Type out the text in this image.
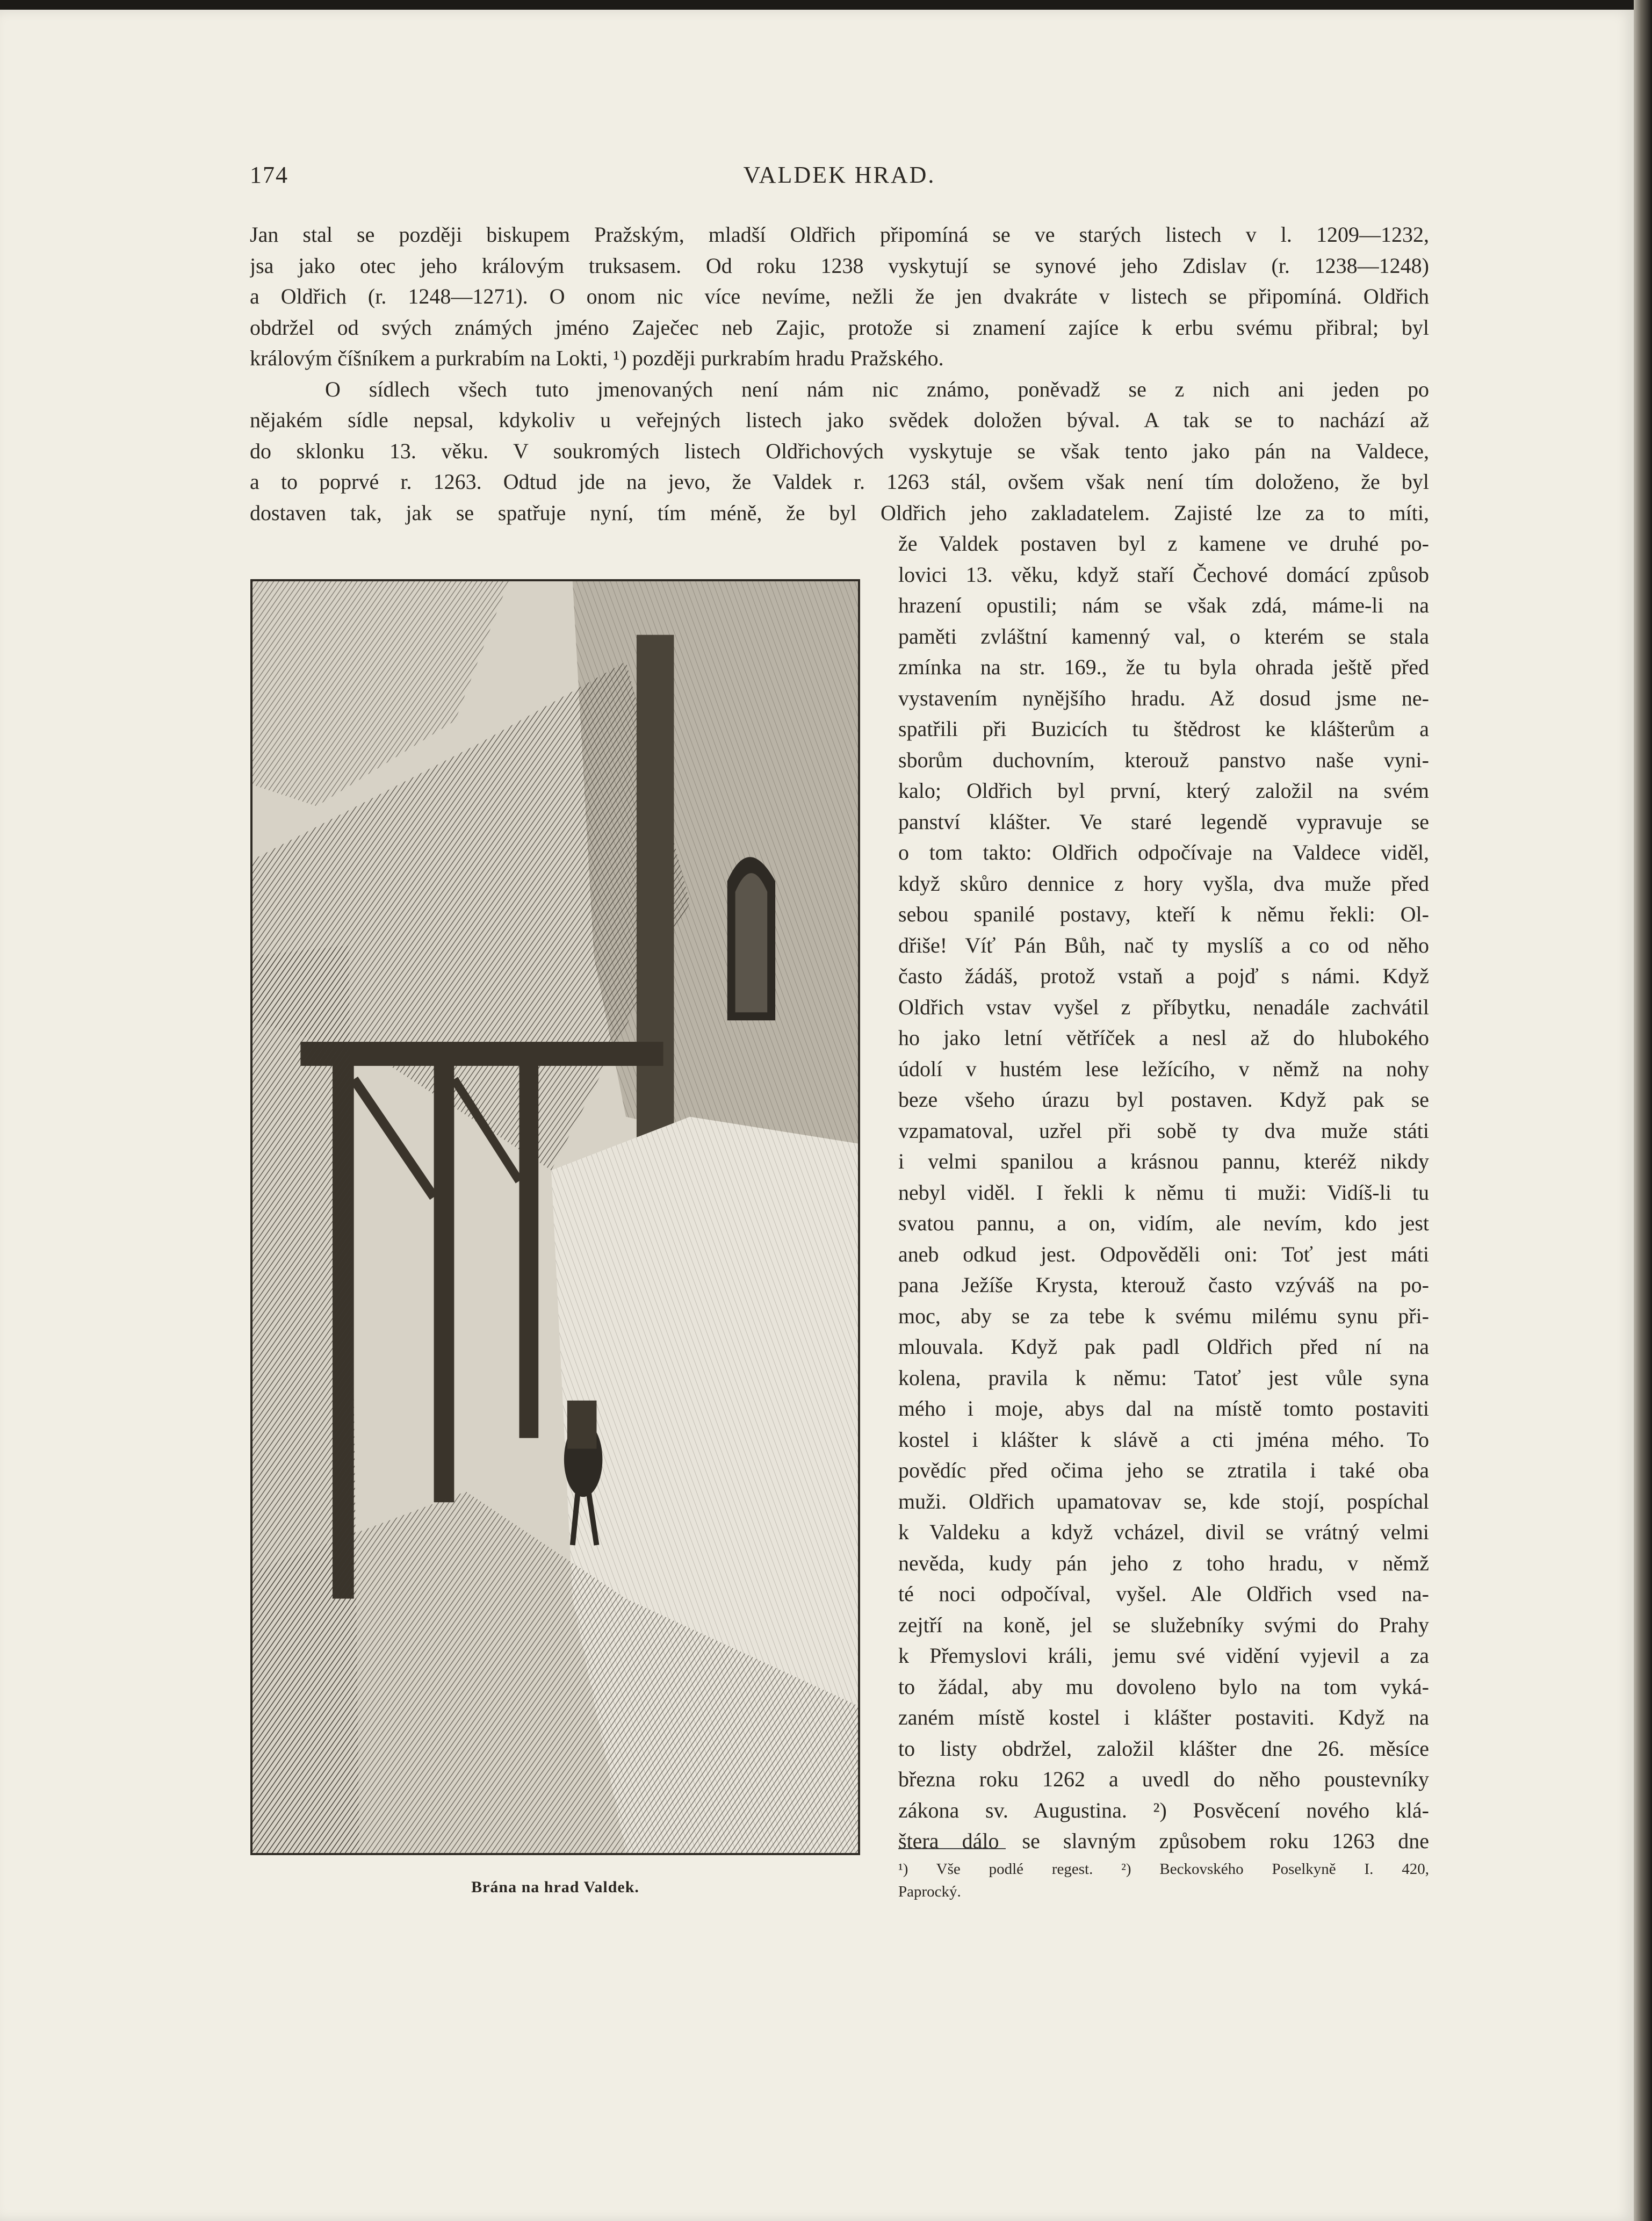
174	VALDEK HRAD.
Jan stal se později biskupem Pražským, mladší Oldřich připomíná se ve starých listech v l. 1209—1232,
jsa jako otec jeho královým truksasem. Od roku 1238 vyskytují se synové jeho Zdislav (r. 1238—1248)
a Oldřich (r. 1248—1271). O onom nic více nevíme, nežli že jen dvakráte v listech se připomíná. Oldřich
obdržel od svých známých jméno Zaječec neb Zajic, protože si znamení zajíce k erbu svému přibral; byl
královým číšníkem a purkrabím na Lokti, ¹) později purkrabím hradu Pražského.
O sídlech všech tuto jmenovaných není nám nic známo, poněvadž se z nich ani jeden po
nějakém sídle nepsal, kdykoliv u veřejných listech jako svědek doložen býval. A tak se to nachází až
do sklonku 13. věku. V soukromých listech Oldřichových vyskytuje se však tento jako pán na Valdece,
a to poprvé r. 1263. Odtud jde na jevo, že Valdek r. 1263 stál, ovšem však není tím doloženo, že byl
dostaven tak, jak se spatřuje nyní, tím méně, že byl Oldřich jeho zakladatelem. Zajisté lze za to míti,
Brána na hrad Valdek.
že Valdek postaven byl z kamene ve druhé po-
lovici 13. věku, když staří Čechové domácí způsob
hrazení opustili; nám se však zdá, máme-li na
paměti zvláštní kamenný val, o kterém se stala
zmínka na str. 169., že tu byla ohrada ještě před
vystavením nynějšího hradu. Až dosud jsme ne-
spatřili při Buzicích tu štědrost ke klášterům a
sborům duchovním, kterouž panstvo naše vyni-
kalo; Oldřich byl první, který založil na svém
panství klášter. Ve staré legendě vypravuje se
o tom takto: Oldřich odpočívaje na Valdece viděl,
když skůro dennice z hory vyšla, dva muže před
sebou spanilé postavy, kteří k němu řekli: Ol-
dřiše! Víť Pán Bůh, nač ty myslíš a co od něho
často žádáš, protož vstaň a pojď s námi. Když
Oldřich vstav vyšel z příbytku, nenadále zachvátil
ho jako letní větříček a nesl až do hlubokého
údolí v hustém lese ležícího, v němž na nohy
beze všeho úrazu byl postaven. Když pak se
vzpamatoval, uzřel při sobě ty dva muže státi
i velmi spanilou a krásnou pannu, kteréž nikdy
nebyl viděl. I řekli k němu ti muži: Vidíš-li tu
svatou pannu, a on, vidím, ale nevím, kdo jest
aneb odkud jest. Odpověděli oni: Toť jest máti
pana Ježíše Krysta, kterouž často vzýváš na po-
moc, aby se za tebe k svému milému synu při-
mlouvala. Když pak padl Oldřich před ní na
kolena, pravila k němu: Tatoť jest vůle syna
mého i moje, abys dal na místě tomto postaviti
kostel i klášter k slávě a cti jména mého. To
povědíc před očima jeho se ztratila i také oba
muži. Oldřich upamatovav se, kde stojí, pospíchal
k Valdeku a když vcházel, divil se vrátný velmi
nevěda, kudy pán jeho z toho hradu, v němž
té noci odpočíval, vyšel. Ale Oldřich vsed na-
zejtří na koně, jel se služebníky svými do Prahy
k Přemyslovi králi, jemu své vidění vyjevil a za
to žádal, aby mu dovoleno bylo na tom vyká-
zaném místě kostel i klášter postaviti. Když na
to listy obdržel, založil klášter dne 26. měsíce
března roku 1262 a uvedl do něho poustevníky
zákona sv. Augustina. ²) Posvěcení nového klá-
štera dálo se slavným způsobem roku 1263 dne
¹) Vše podlé regest. ²) Beckovského Poselkyně I. 420,
Paprocký.
